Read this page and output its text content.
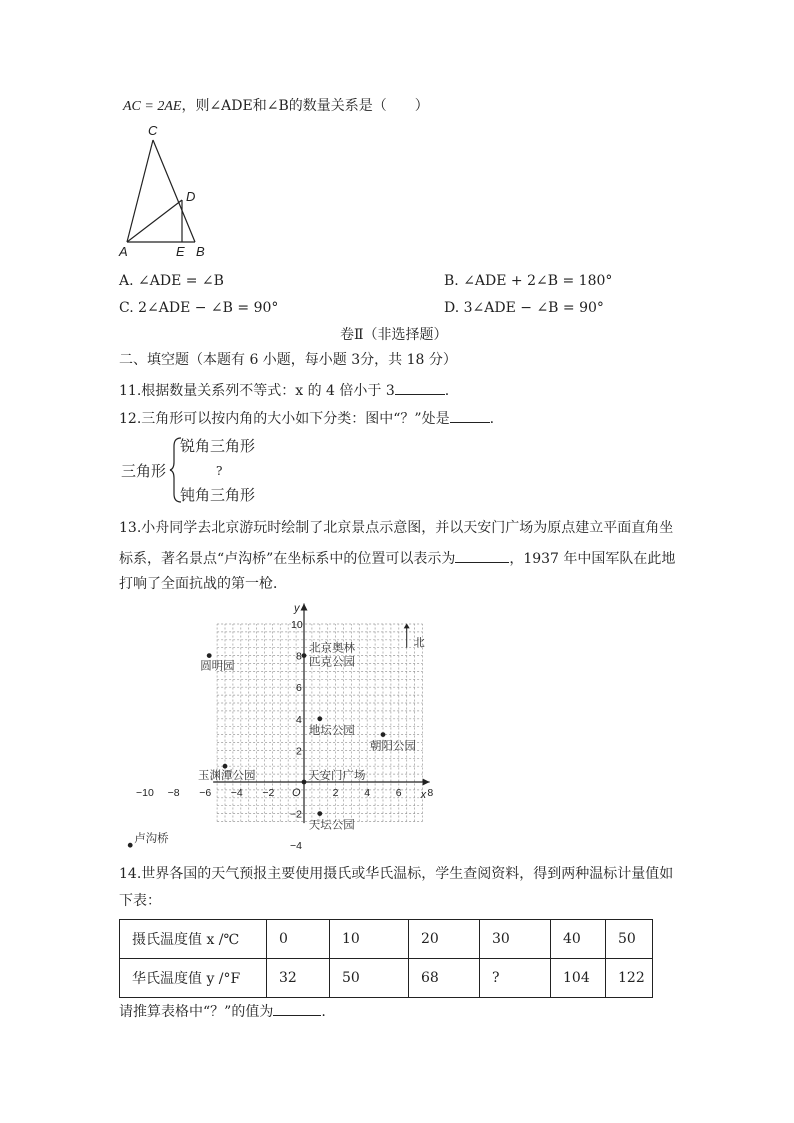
AC = 2AE，则∠ADE和∠B的数量关系是（　　）
C
D
A	E B
A. ∠ADE = ∠B	B. ∠ADE + 2∠B = 180°
C. 2∠ADE − ∠B = 90°	D. 3∠ADE − ∠B = 90°
卷Ⅱ（非选择题）
二、填空题（本题有 6 小题，每小题 3分，共 18 分）
11.根据数量关系列不等式：x 的 4 倍小于 3	.
12.三角形可以按内角的大小如下分类：图中“？”处是	.
三角形
锐角三角形
?
钝角三角形
13.小舟同学去北京游玩时绘制了北京景点示意图，并以天安门广场为原点建立平面直角坐
标系，著名景点“卢沟桥”在坐标系中的位置可以表示为	，1937 年中国军队在此地
打响了全面抗战的第一枪．
x
y
O
北
−10 −8 −6 −4 −2	2 4 6 8
10
8
6
4
2
−2
−4
北京奥林
匹克公园
圆明园
地坛公园
朝阳公园
玉渊潭公园	天安门广场
天坛公园
卢沟桥
14.世界各国的天气预报主要使用摄氏或华氏温标，学生查阅资料，得到两种温标计量值如
下表：
摄氏温度值 x /℃	0	10	20	30	40	50
华氏温度值 y /°F	32	50	68	?	104	122
请推算表格中“？”的值为	.
